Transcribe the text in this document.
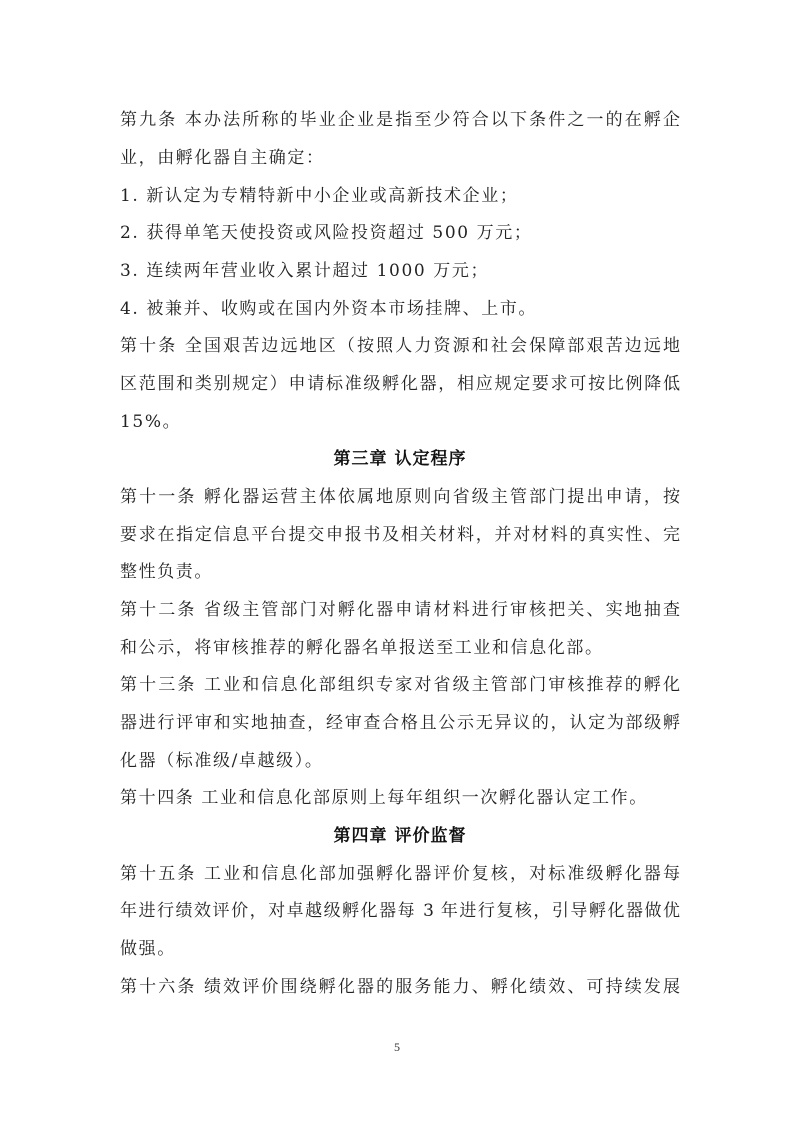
第九条 本办法所称的毕业企业是指至少符合以下条件之一的在孵企
业，由孵化器自主确定：
1. 新认定为专精特新中小企业或高新技术企业；
2. 获得单笔天使投资或风险投资超过 500 万元；
3. 连续两年营业收入累计超过 1000 万元；
4. 被兼并、收购或在国内外资本市场挂牌、上市。
第十条 全国艰苦边远地区（按照人力资源和社会保障部艰苦边远地
区范围和类别规定）申请标准级孵化器，相应规定要求可按比例降低
15%。
第三章 认定程序
第十一条 孵化器运营主体依属地原则向省级主管部门提出申请，按
要求在指定信息平台提交申报书及相关材料，并对材料的真实性、完
整性负责。
第十二条 省级主管部门对孵化器申请材料进行审核把关、实地抽查
和公示，将审核推荐的孵化器名单报送至工业和信息化部。
第十三条 工业和信息化部组织专家对省级主管部门审核推荐的孵化
器进行评审和实地抽查，经审查合格且公示无异议的，认定为部级孵
化器（标准级/卓越级）。
第十四条 工业和信息化部原则上每年组织一次孵化器认定工作。
第四章 评价监督
第十五条 工业和信息化部加强孵化器评价复核，对标准级孵化器每
年进行绩效评价，对卓越级孵化器每 3 年进行复核，引导孵化器做优
做强。
第十六条 绩效评价围绕孵化器的服务能力、孵化绩效、可持续发展
5
